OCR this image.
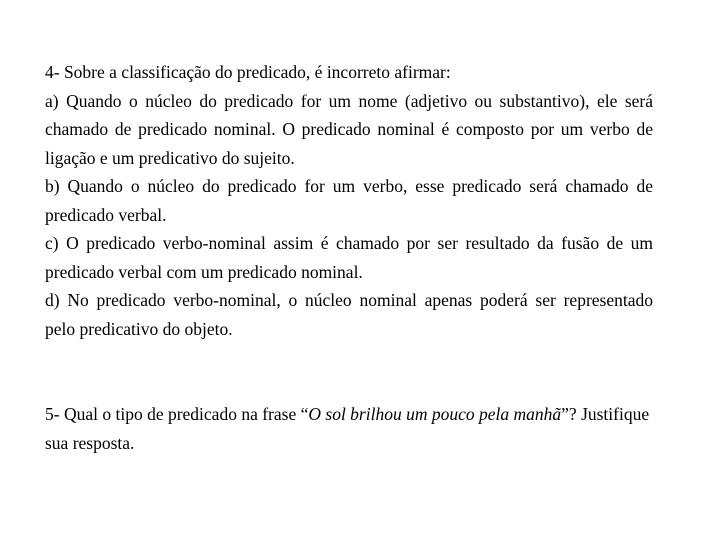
4- Sobre a classificação do predicado, é incorreto afirmar:

a) Quando o núcleo do predicado for um nome (adjetivo ou substantivo), ele será chamado de predicado nominal. O predicado nominal é composto por um verbo de ligação e um predicativo do sujeito.

b) Quando o núcleo do predicado for um verbo, esse predicado será chamado de predicado verbal.

c) O predicado verbo-nominal assim é chamado por ser resultado da fusão de um predicado verbal com um predicado nominal.

d) No predicado verbo-nominal, o núcleo nominal apenas poderá ser representado pelo predicativo do objeto.

5- Qual o tipo de predicado na frase “O sol brilhou um pouco pela manhã”? Justifique sua resposta.
